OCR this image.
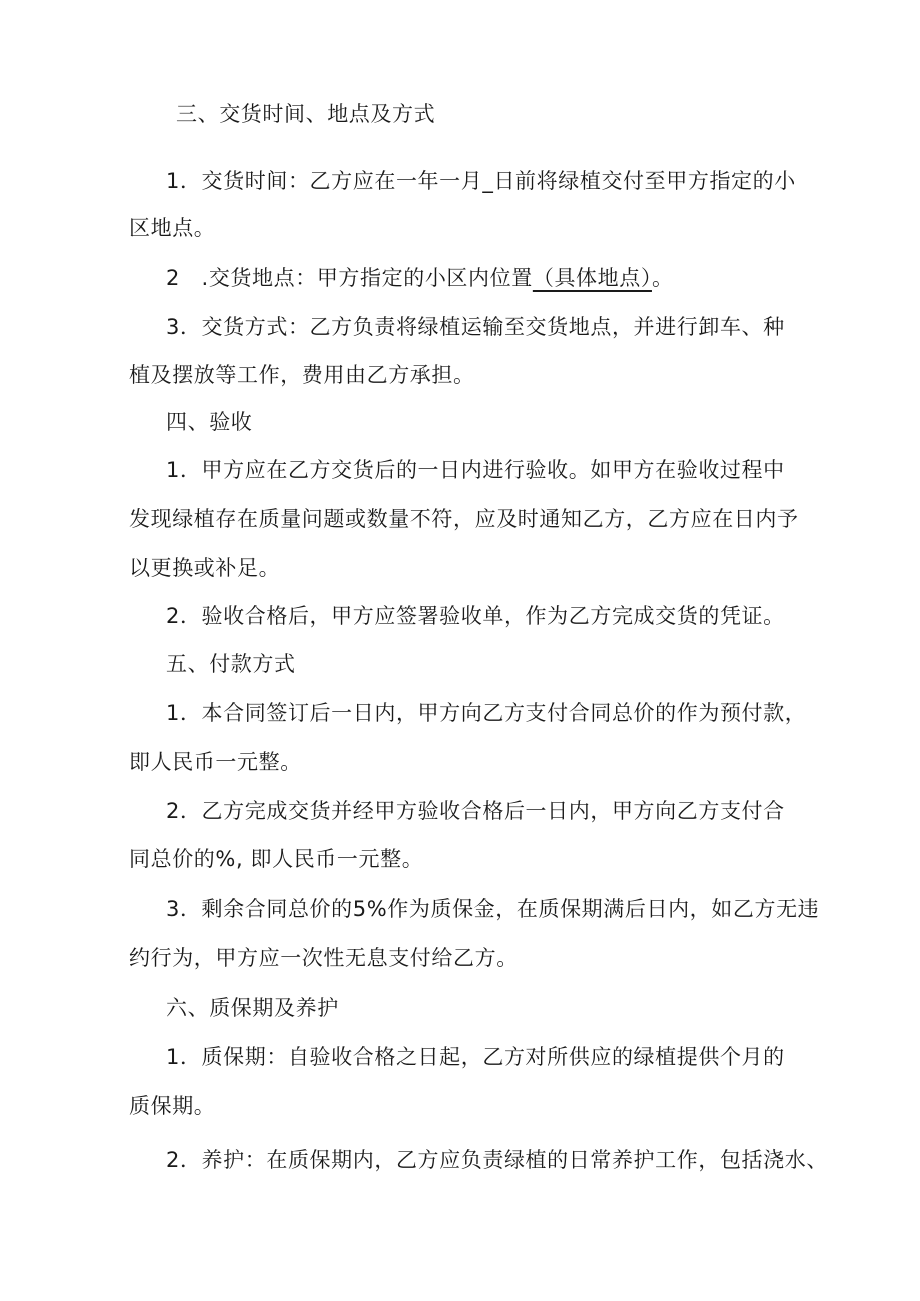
三、交货时间、地点及方式
1．交货时间：乙方应在一年一月_日前将绿植交付至甲方指定的小
区地点。
2　.交货地点：甲方指定的小区内位置（具体地点）。
3．交货方式：乙方负责将绿植运输至交货地点，并进行卸车、种
植及摆放等工作，费用由乙方承担。
四、验收
1．甲方应在乙方交货后的一日内进行验收。如甲方在验收过程中
发现绿植存在质量问题或数量不符，应及时通知乙方，乙方应在日内予
以更换或补足。
2．验收合格后，甲方应签署验收单，作为乙方完成交货的凭证。
五、付款方式
1．本合同签订后一日内，甲方向乙方支付合同总价的作为预付款，
即人民币一元整。
2．乙方完成交货并经甲方验收合格后一日内，甲方向乙方支付合
同总价的%, 即人民币一元整。
3．剩余合同总价的5%作为质保金，在质保期满后日内，如乙方无违
约行为，甲方应一次性无息支付给乙方。
六、质保期及养护
1．质保期：自验收合格之日起，乙方对所供应的绿植提供个月的
质保期。
2．养护：在质保期内，乙方应负责绿植的日常养护工作，包括浇水、
